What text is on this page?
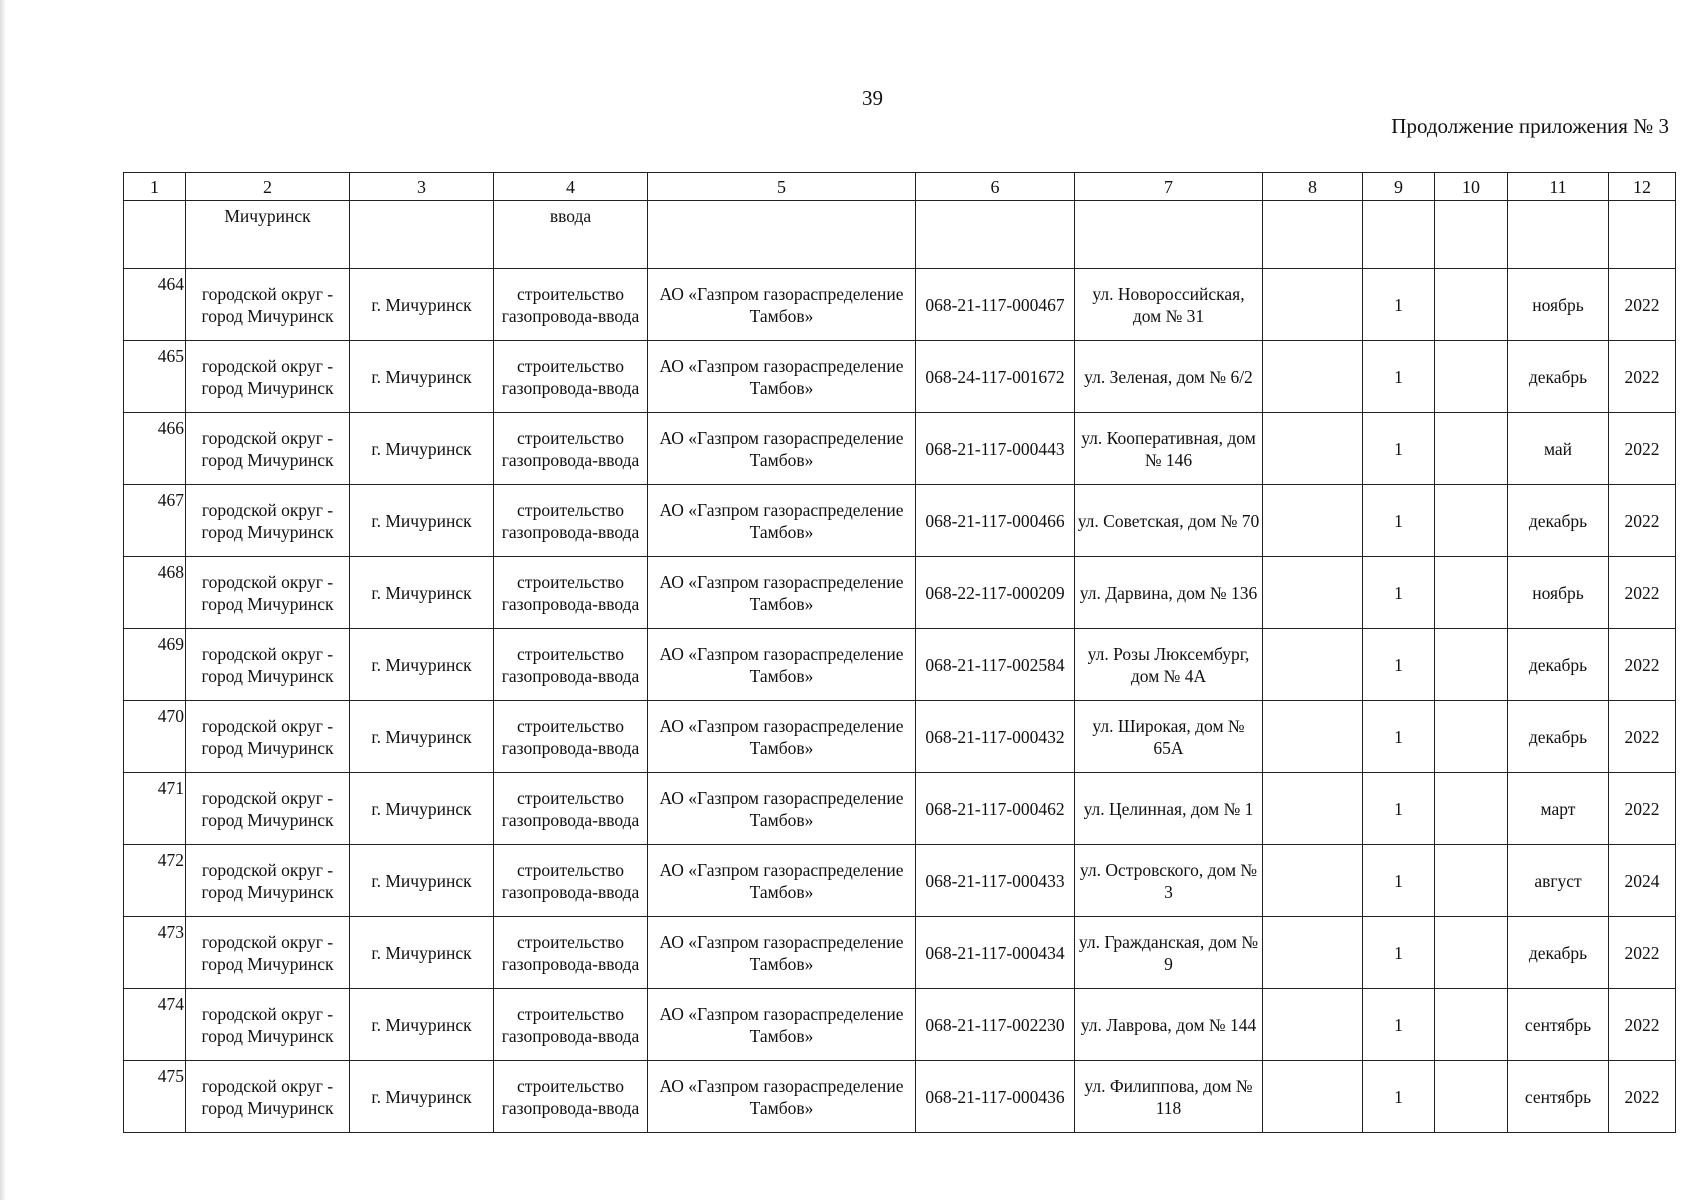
39
Продолжение приложения № 3
1	2	3	4	5	6	7	8	9	10	11	12
	Мичуринск		ввода								
464	городской округ - город Мичуринск	г. Мичуринск	строительство газопровода-ввода	АО «Газпром газораспределение Тамбов»	068-21-117-000467	ул. Новороссийская, дом № 31		1		ноябрь	2022
465	городской округ - город Мичуринск	г. Мичуринск	строительство газопровода-ввода	АО «Газпром газораспределение Тамбов»	068-24-117-001672	ул. Зеленая, дом № 6/2		1		декабрь	2022
466	городской округ - город Мичуринск	г. Мичуринск	строительство газопровода-ввода	АО «Газпром газораспределение Тамбов»	068-21-117-000443	ул. Кооперативная, дом № 146		1		май	2022
467	городской округ - город Мичуринск	г. Мичуринск	строительство газопровода-ввода	АО «Газпром газораспределение Тамбов»	068-21-117-000466	ул. Советская, дом № 70		1		декабрь	2022
468	городской округ - город Мичуринск	г. Мичуринск	строительство газопровода-ввода	АО «Газпром газораспределение Тамбов»	068-22-117-000209	ул. Дарвина, дом № 136		1		ноябрь	2022
469	городской округ - город Мичуринск	г. Мичуринск	строительство газопровода-ввода	АО «Газпром газораспределение Тамбов»	068-21-117-002584	ул. Розы Люксембург, дом № 4А		1		декабрь	2022
470	городской округ - город Мичуринск	г. Мичуринск	строительство газопровода-ввода	АО «Газпром газораспределение Тамбов»	068-21-117-000432	ул. Широкая, дом № 65А		1		декабрь	2022
471	городской округ - город Мичуринск	г. Мичуринск	строительство газопровода-ввода	АО «Газпром газораспределение Тамбов»	068-21-117-000462	ул. Целинная, дом № 1		1		март	2022
472	городской округ - город Мичуринск	г. Мичуринск	строительство газопровода-ввода	АО «Газпром газораспределение Тамбов»	068-21-117-000433	ул. Островского, дом № 3		1		август	2024
473	городской округ - город Мичуринск	г. Мичуринск	строительство газопровода-ввода	АО «Газпром газораспределение Тамбов»	068-21-117-000434	ул. Гражданская, дом № 9		1		декабрь	2022
474	городской округ - город Мичуринск	г. Мичуринск	строительство газопровода-ввода	АО «Газпром газораспределение Тамбов»	068-21-117-002230	ул. Лаврова, дом № 144		1		сентябрь	2022
475	городской округ - город Мичуринск	г. Мичуринск	строительство газопровода-ввода	АО «Газпром газораспределение Тамбов»	068-21-117-000436	ул. Филиппова, дом № 118		1		сентябрь	2022
